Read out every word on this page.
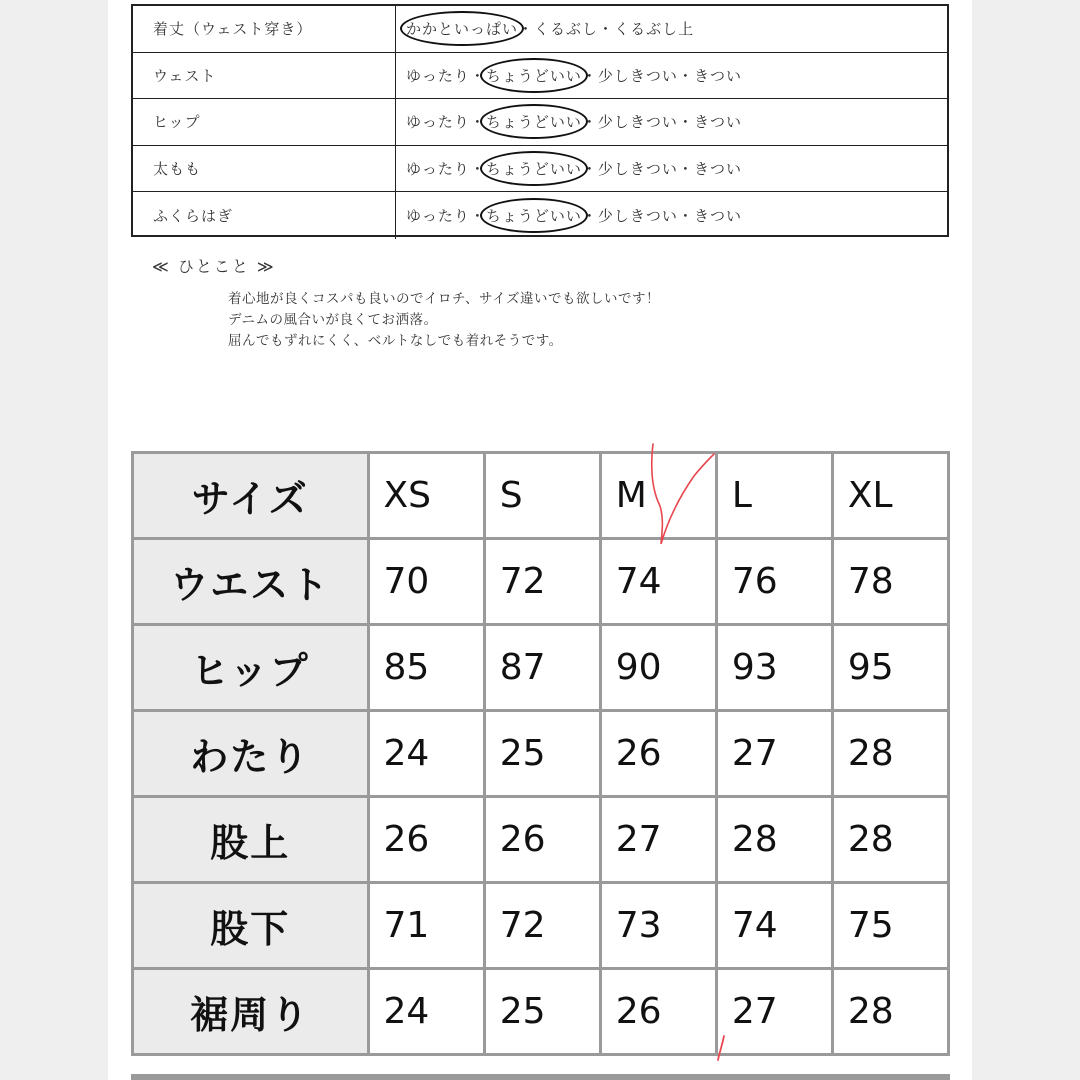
着丈（ウェスト穿き）	かかといっぱい ・ くるぶし ・ くるぶし上
ウェスト	ゆったり ・ ちょうどいい ・ 少しきつい ・ きつい
ヒップ	ゆったり ・ ちょうどいい ・ 少しきつい ・ きつい
太もも	ゆったり ・ ちょうどいい ・ 少しきつい ・ きつい
ふくらはぎ	ゆったり ・ ちょうどいい ・ 少しきつい ・ きつい
≪ ひとこと ≫
着心地が良くコスパも良いのでイロチ、サイズ違いでも欲しいです！
デニムの風合いが良くてお洒落。
屈んでもずれにくく、ベルトなしでも着れそうです。
サイズ	XS	S	M	L	XL
ウエスト	70	72	74	76	78
ヒップ	85	87	90	93	95
わたり	24	25	26	27	28
股上	26	26	27	28	28
股下	71	72	73	74	75
裾周り	24	25	26	27	28
